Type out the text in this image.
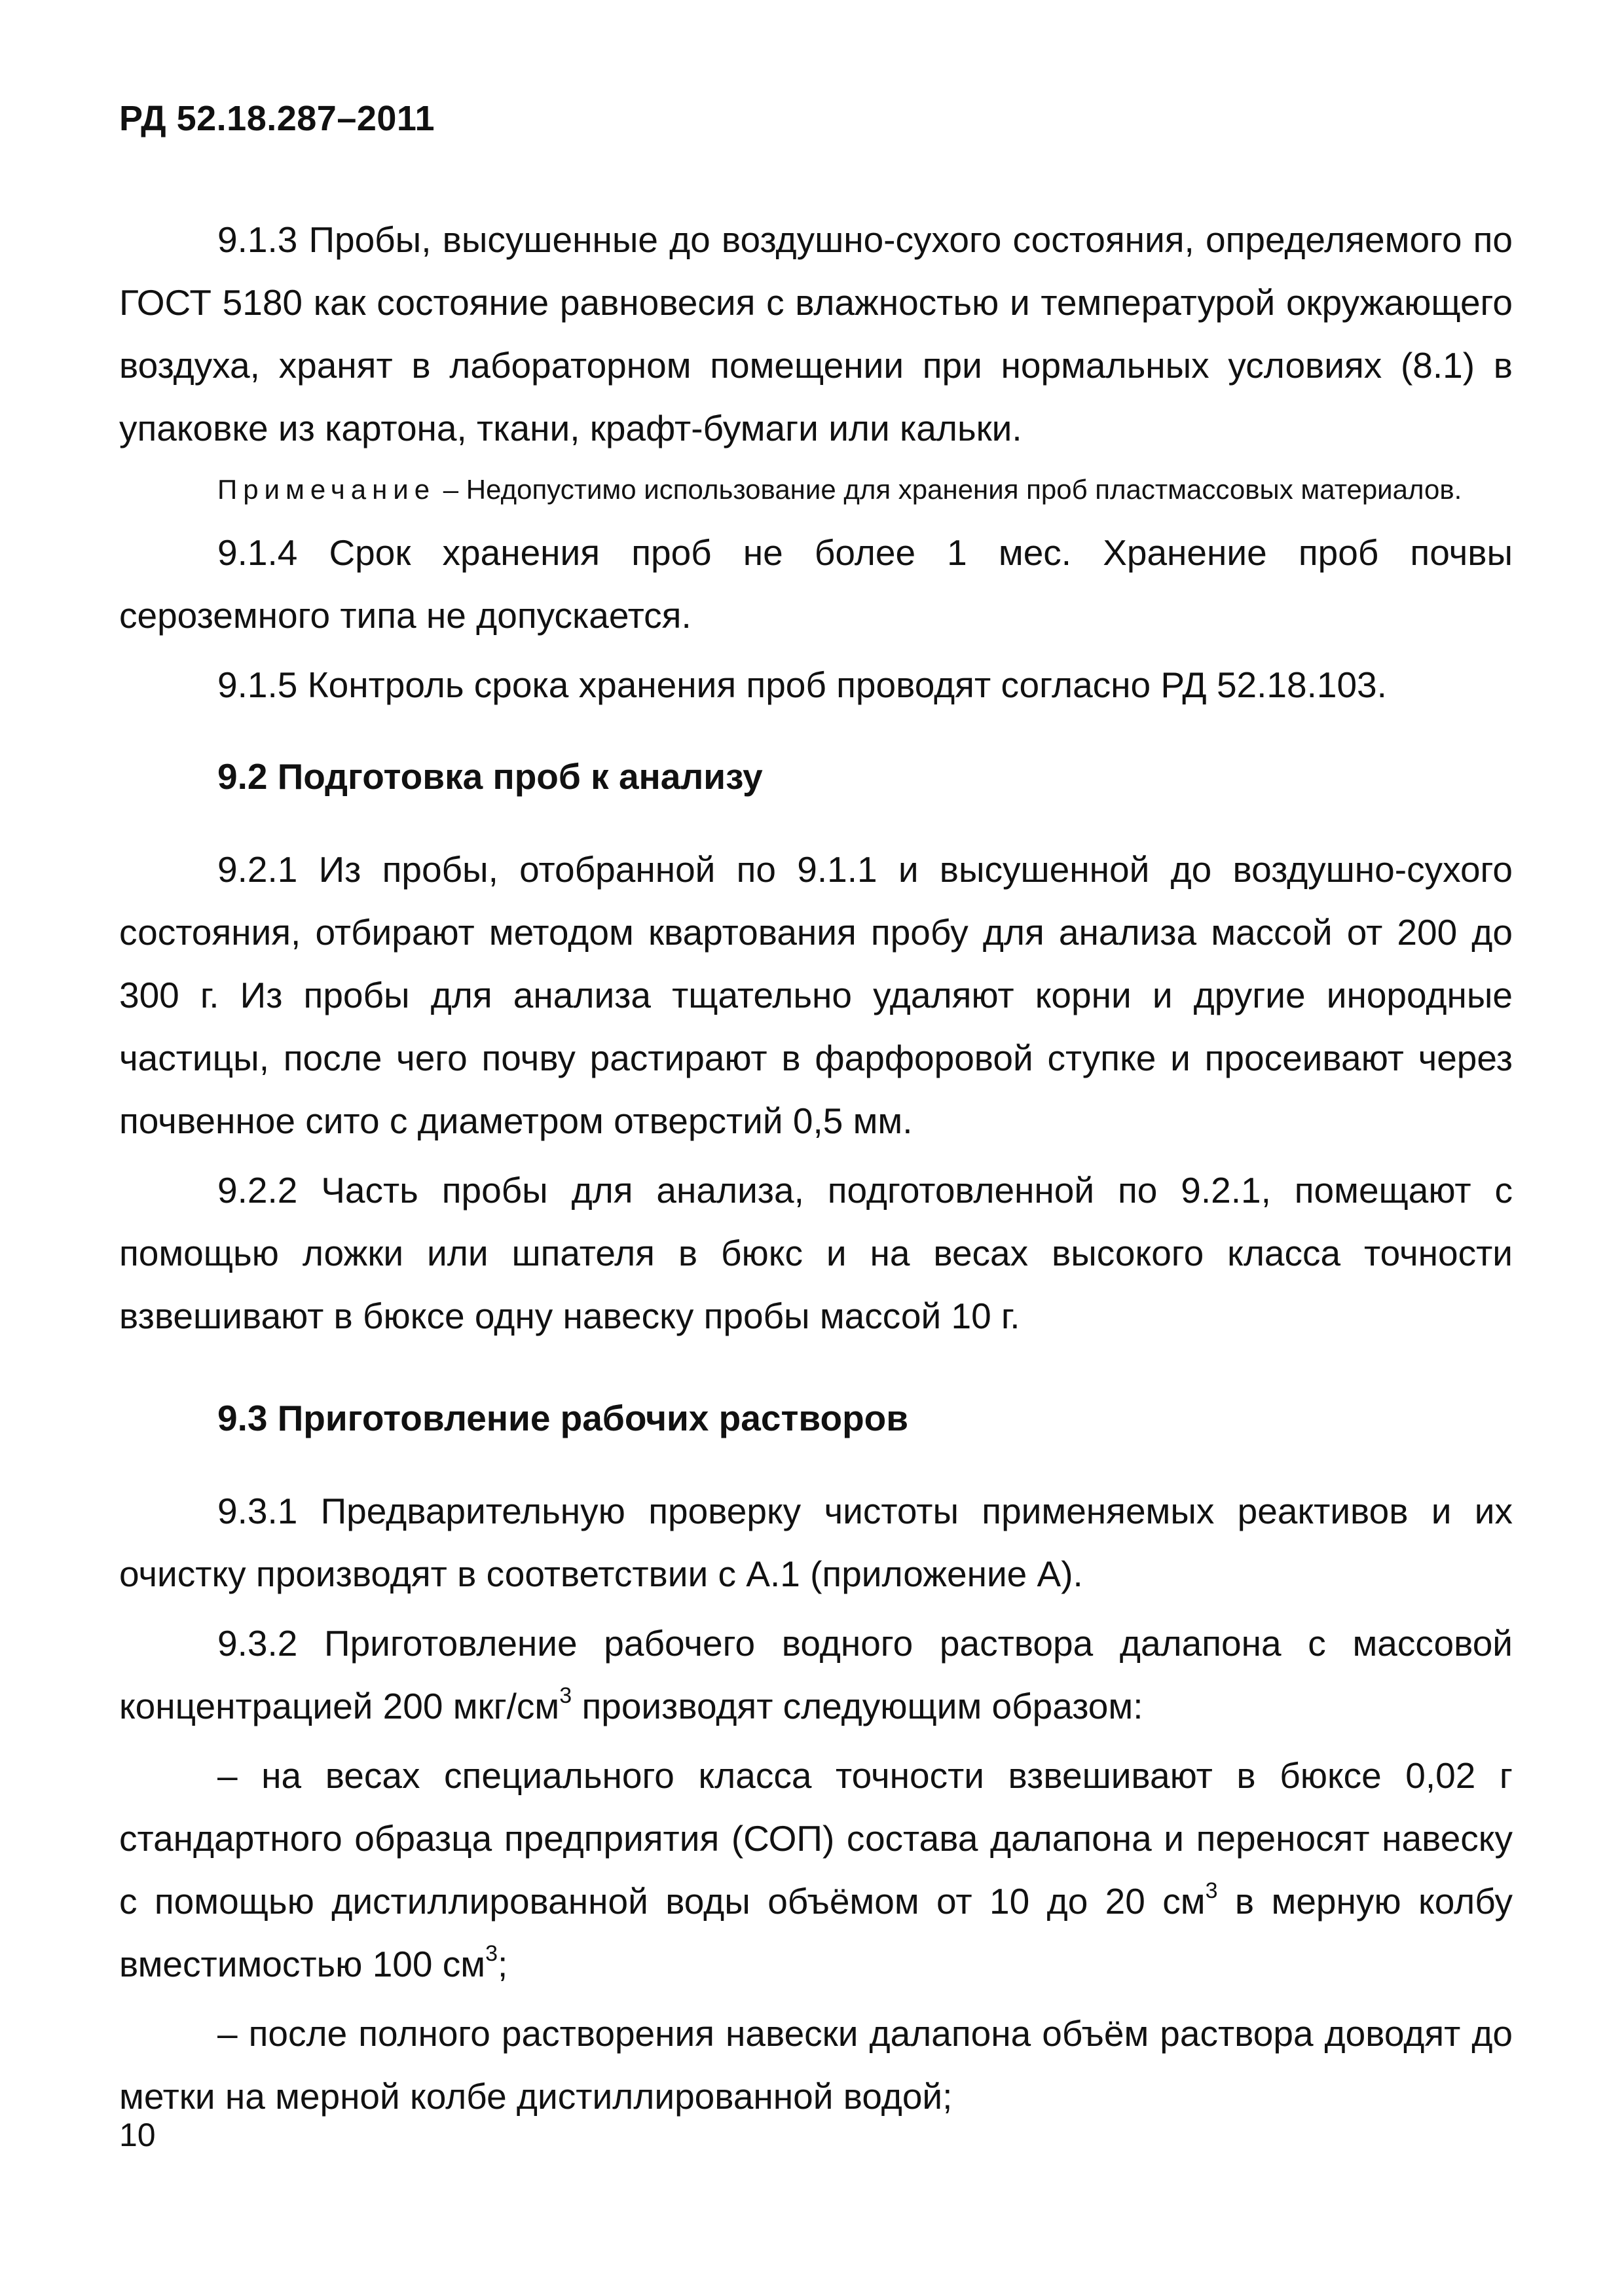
РД 52.18.287–2011

9.1.3 Пробы, высушенные до воздушно-сухого состояния, определяемого по ГОСТ 5180 как состояние равновесия с влажностью и температурой окружающего воздуха, хранят в лабораторном помещении при нормальных условиях (8.1) в упаковке из картона, ткани, крафт-бумаги или кальки.

Примечание – Недопустимо использование для хранения проб пластмассовых материалов.

9.1.4 Срок хранения проб не более 1 мес. Хранение проб почвы сероземного типа не допускается.

9.1.5 Контроль срока хранения проб проводят согласно РД 52.18.103.

9.2 Подготовка проб к анализу

9.2.1 Из пробы, отобранной по 9.1.1 и высушенной до воздушно-сухого состояния, отбирают методом квартования пробу для анализа массой от 200 до 300 г. Из пробы для анализа тщательно удаляют корни и другие инородные частицы, после чего почву растирают в фарфоровой ступке и просеивают через почвенное сито с диаметром отверстий 0,5 мм.

9.2.2 Часть пробы для анализа, подготовленной по 9.2.1, помещают с помощью ложки или шпателя в бюкс и на весах высокого класса точности взвешивают в бюксе одну навеску пробы массой 10 г.

9.3 Приготовление рабочих растворов

9.3.1 Предварительную проверку чистоты применяемых реактивов и их очистку производят в соответствии с А.1 (приложение А).

9.3.2 Приготовление рабочего водного раствора далапона с массовой концентрацией 200 мкг/$см^3$ производят следующим образом:

– на весах специального класса точности взвешивают в бюксе 0,02 г стандартного образца предприятия (СОП) состава далапона и переносят навеску с помощью дистиллированной воды объёмом от 10 до 20 $см^3$ в мерную колбу вместимостью 100 $см^3$;

– после полного растворения навески далапона объём раствора доводят до метки на мерной колбе дистиллированной водой;

10
